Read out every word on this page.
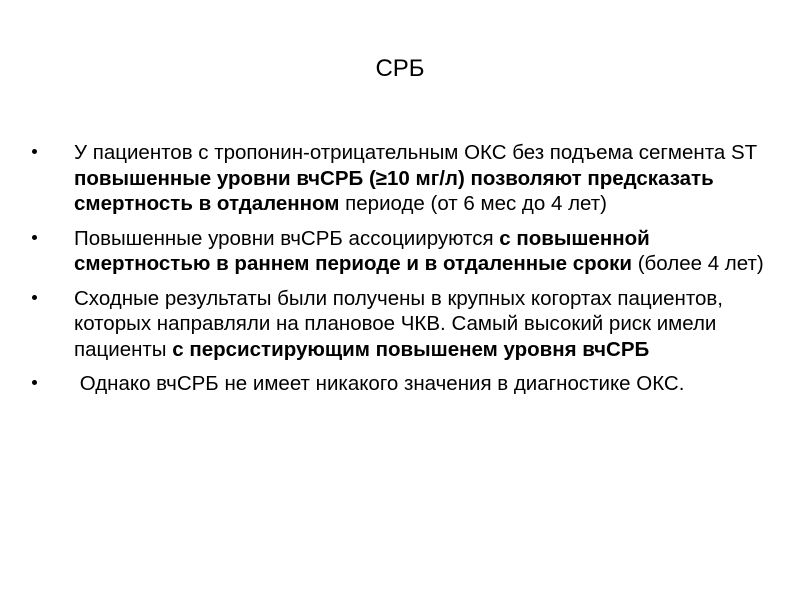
СРБ
У пациентов с тропонин-отрицательным ОКС без подъема сегмента ST повышенные уровни вчСРБ (≥10 мг/л) позволяют предсказать смертность в отдаленном периоде (от 6 мес до 4 лет)
Повышенные уровни вчСРБ ассоциируются с повышенной смертностью в раннем периоде и в отдаленные сроки (более 4 лет)
Сходные результаты были получены в крупных когортах пациентов, которых направляли на плановое ЧКВ. Самый высокий риск имели пациенты с персистирующим повышенем уровня вчСРБ
Однако вчСРБ не имеет никакого значения в диагностике ОКС.
